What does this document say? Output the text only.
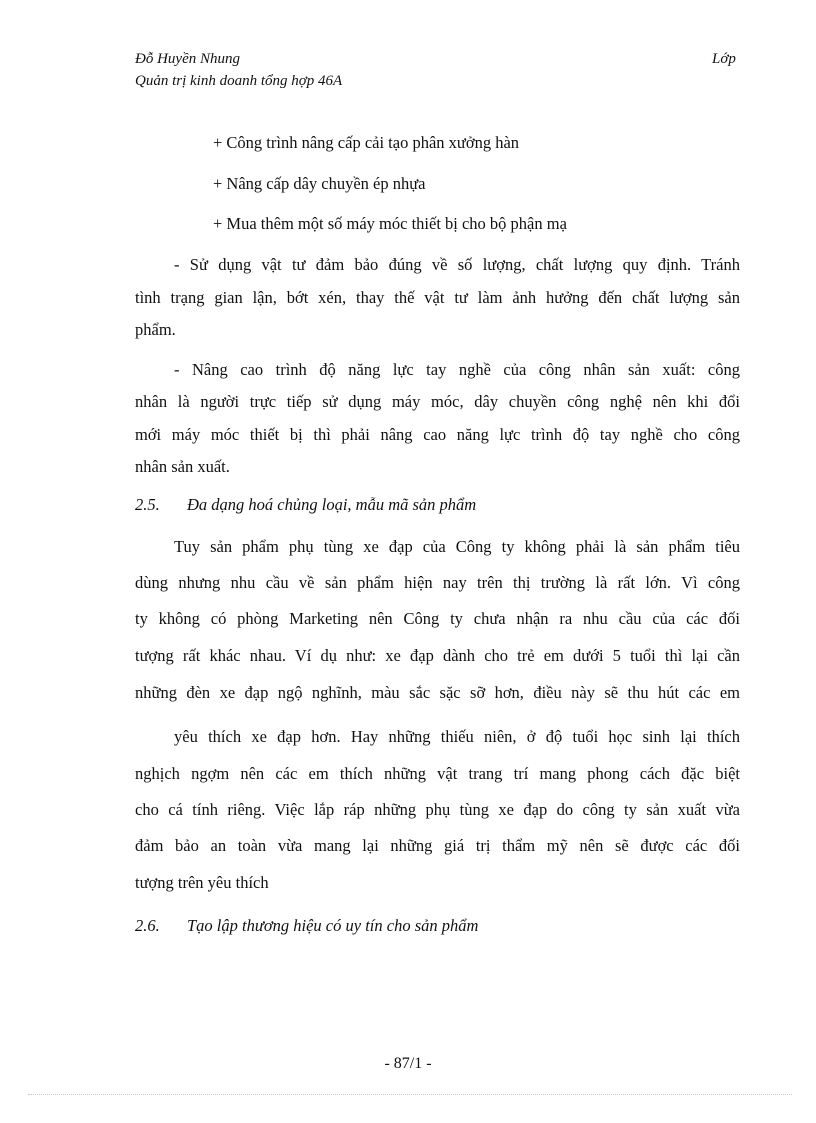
Đỗ Huyền Nhung
Quản trị kinh doanh tổng hợp 46A
Lớp
+ Công trình nâng cấp cải tạo phân xưởng hàn
+ Nâng cấp dây chuyền ép nhựa
+ Mua thêm một số máy móc thiết bị cho bộ phận mạ
- Sử dụng vật tư đảm bảo đúng về số lượng, chất lượng quy định. Tránh
tình trạng gian lận, bớt xén, thay thế vật tư làm ảnh hưởng đến chất lượng sản
phẩm.
- Nâng cao trình độ năng lực tay nghề của công nhân sản xuất: công
nhân là người trực tiếp sử dụng máy móc, dây chuyền công nghệ nên khi đổi
mới máy móc thiết bị thì phải nâng cao năng lực trình độ tay nghề cho công
nhân sản xuất.
2.5. Đa dạng hoá chủng loại, mẫu mã sản phẩm
Tuy sản phẩm phụ tùng xe đạp của Công ty không phải là sản phẩm tiêu
dùng nhưng nhu cầu về sản phẩm hiện nay trên thị trường là rất lớn. Vì công
ty không có phòng Marketing nên Công ty chưa nhận ra nhu cầu của các đối
tượng rất khác nhau. Ví dụ như: xe đạp dành cho trẻ em dưới 5 tuổi thì lại cần
những đèn xe đạp ngộ nghĩnh, màu sắc sặc sỡ hơn, điều này sẽ thu hút các em
yêu thích xe đạp hơn. Hay những thiếu niên, ở độ tuổi học sinh lại thích
nghịch ngợm nên các em thích những vật trang trí mang phong cách đặc biệt
cho cá tính riêng. Việc lắp ráp những phụ tùng xe đạp do công ty sản xuất vừa
đảm bảo an toàn vừa mang lại những giá trị thẩm mỹ nên sẽ được các đối
tượng trên yêu thích
2.6. Tạo lập thương hiệu có uy tín cho sản phẩm
- 87/1 -
